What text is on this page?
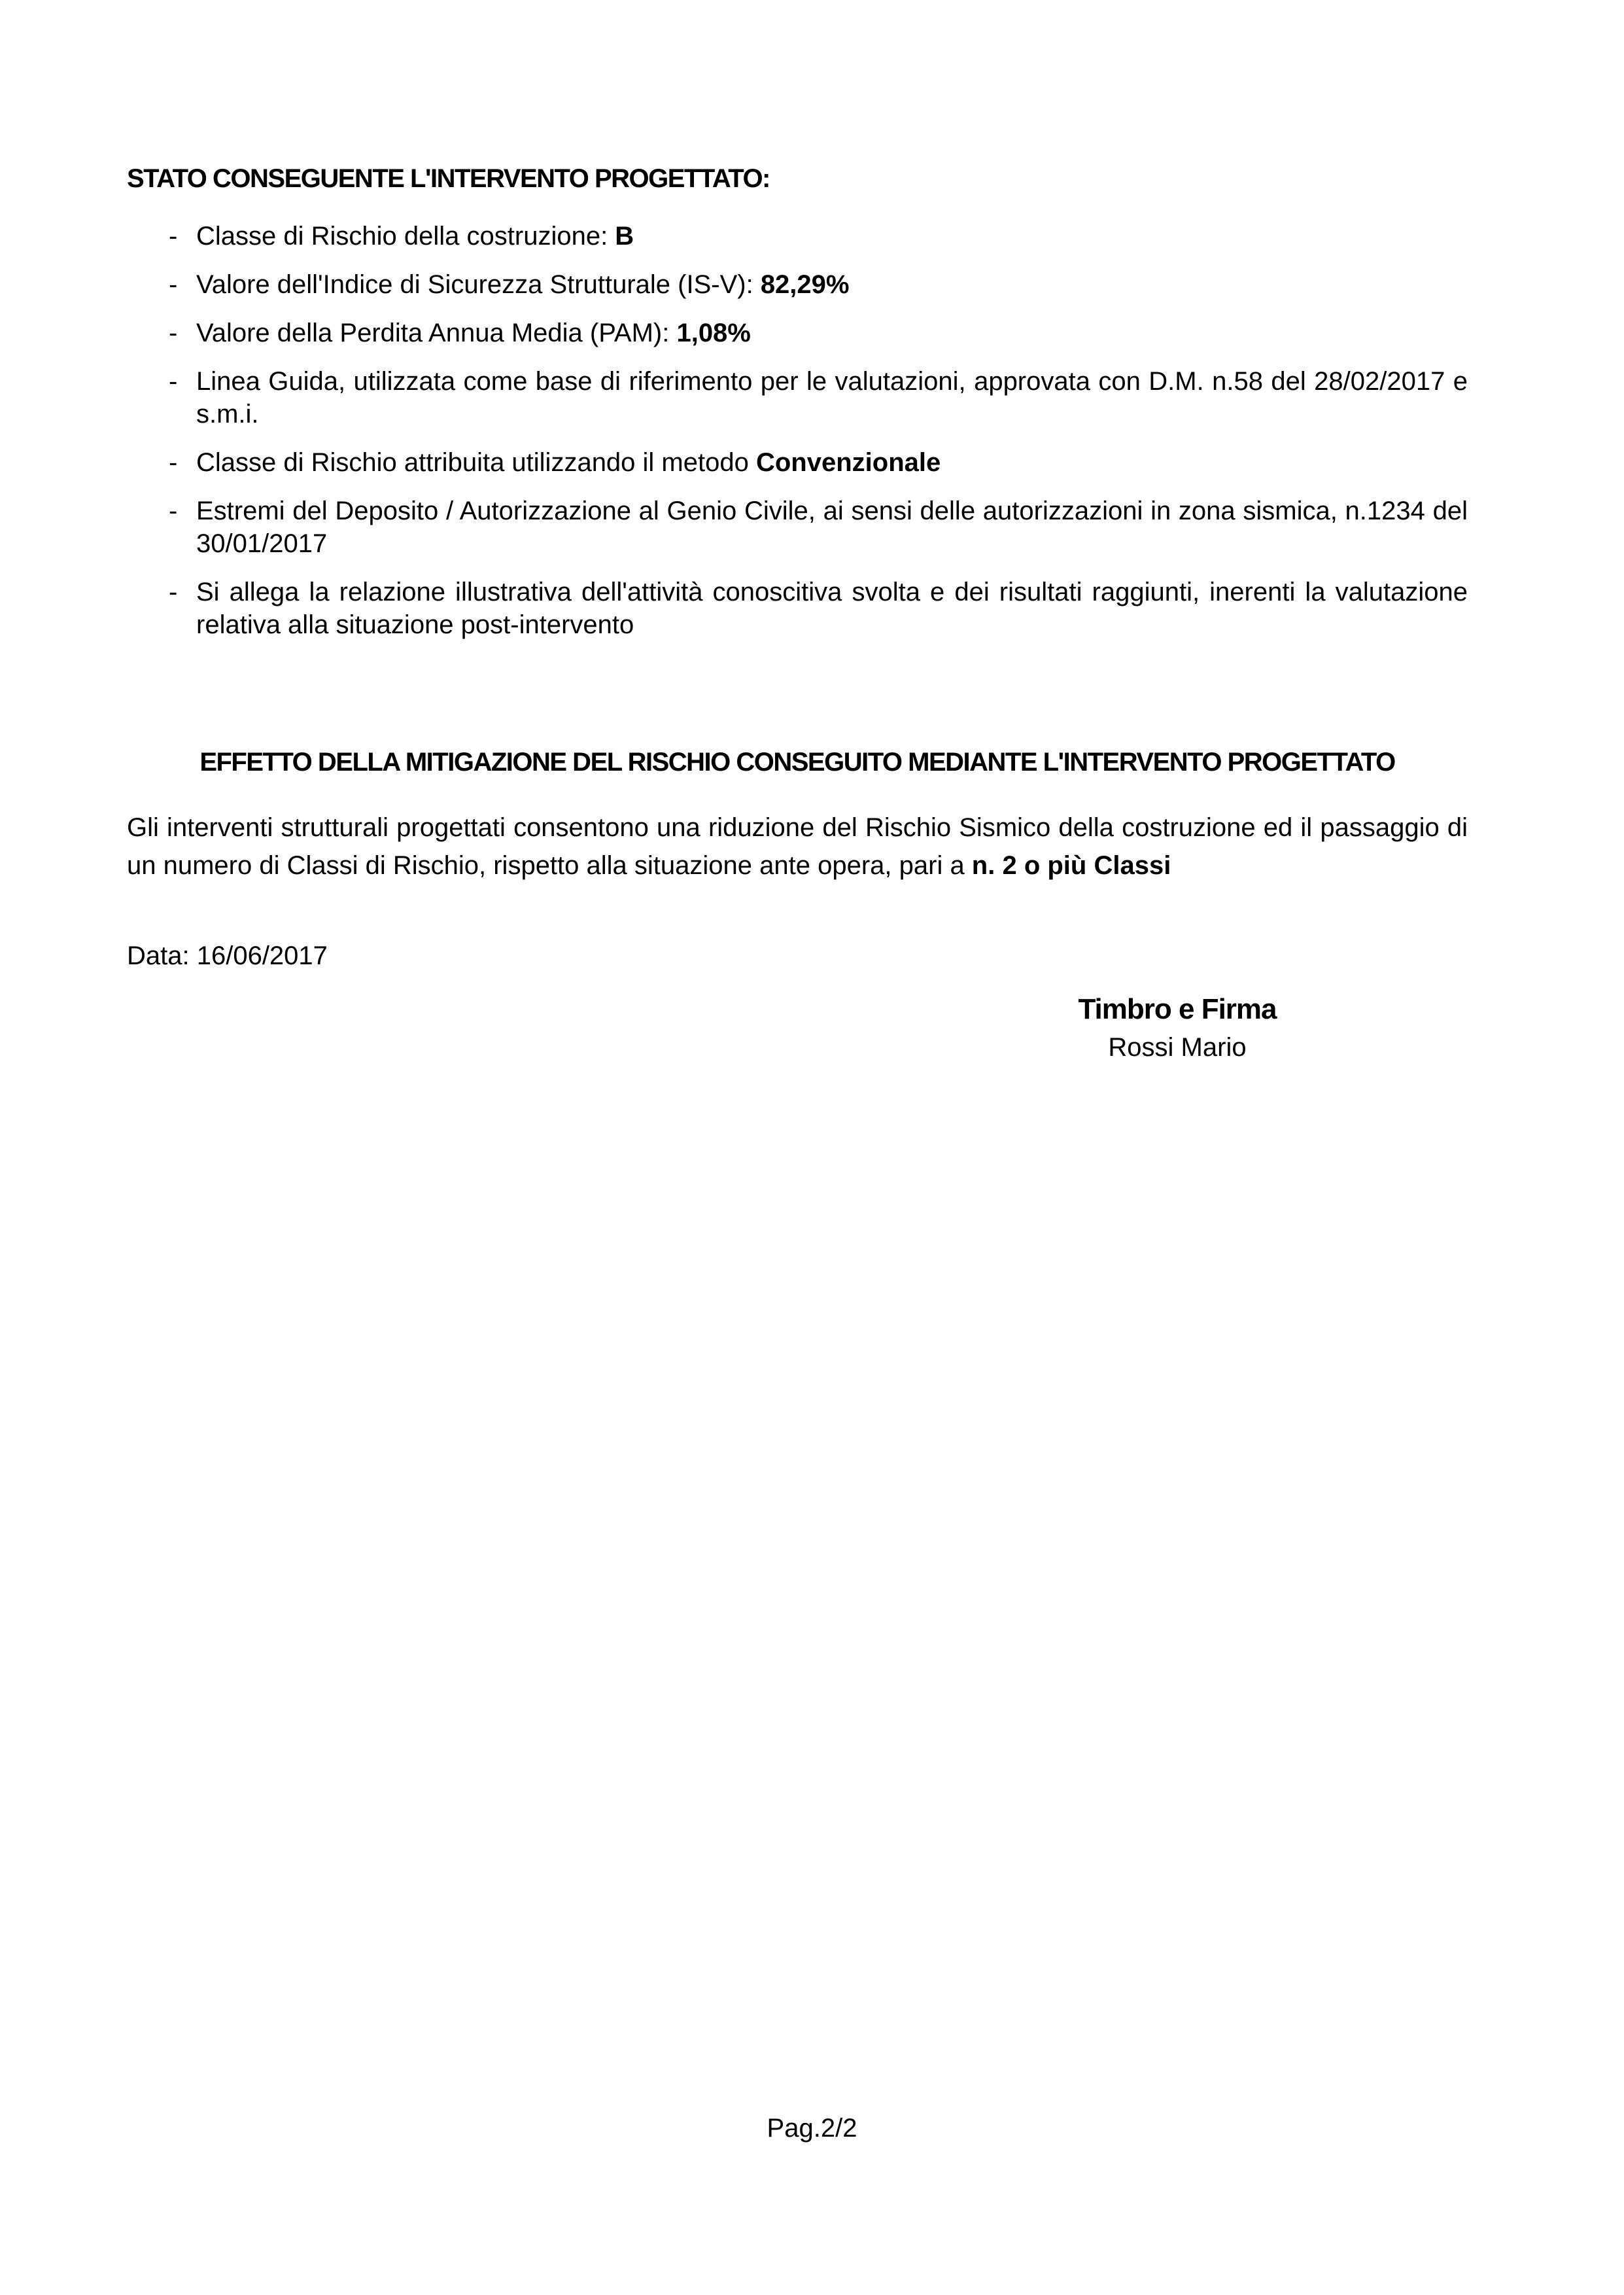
STATO CONSEGUENTE L'INTERVENTO PROGETTATO:
- Classe di Rischio della costruzione: B
- Valore dell'Indice di Sicurezza Strutturale (IS-V): 82,29%
- Valore della Perdita Annua Media (PAM): 1,08%
- Linea Guida, utilizzata come base di riferimento per le valutazioni, approvata con D.M. n.58 del 28/02/2017 e s.m.i.
- Classe di Rischio attribuita utilizzando il metodo Convenzionale
- Estremi del Deposito / Autorizzazione al Genio Civile, ai sensi delle autorizzazioni in zona sismica, n.1234 del 30/01/2017
- Si allega la relazione illustrativa dell'attività conoscitiva svolta e dei risultati raggiunti, inerenti la valutazione relativa alla situazione post-intervento
EFFETTO DELLA MITIGAZIONE DEL RISCHIO CONSEGUITO MEDIANTE L'INTERVENTO PROGETTATO
Gli interventi strutturali progettati consentono una riduzione del Rischio Sismico della costruzione ed il passaggio di un numero di Classi di Rischio, rispetto alla situazione ante opera, pari a n. 2 o più Classi
Data: 16/06/2017
Timbro e Firma
Rossi Mario
Pag.2/2
